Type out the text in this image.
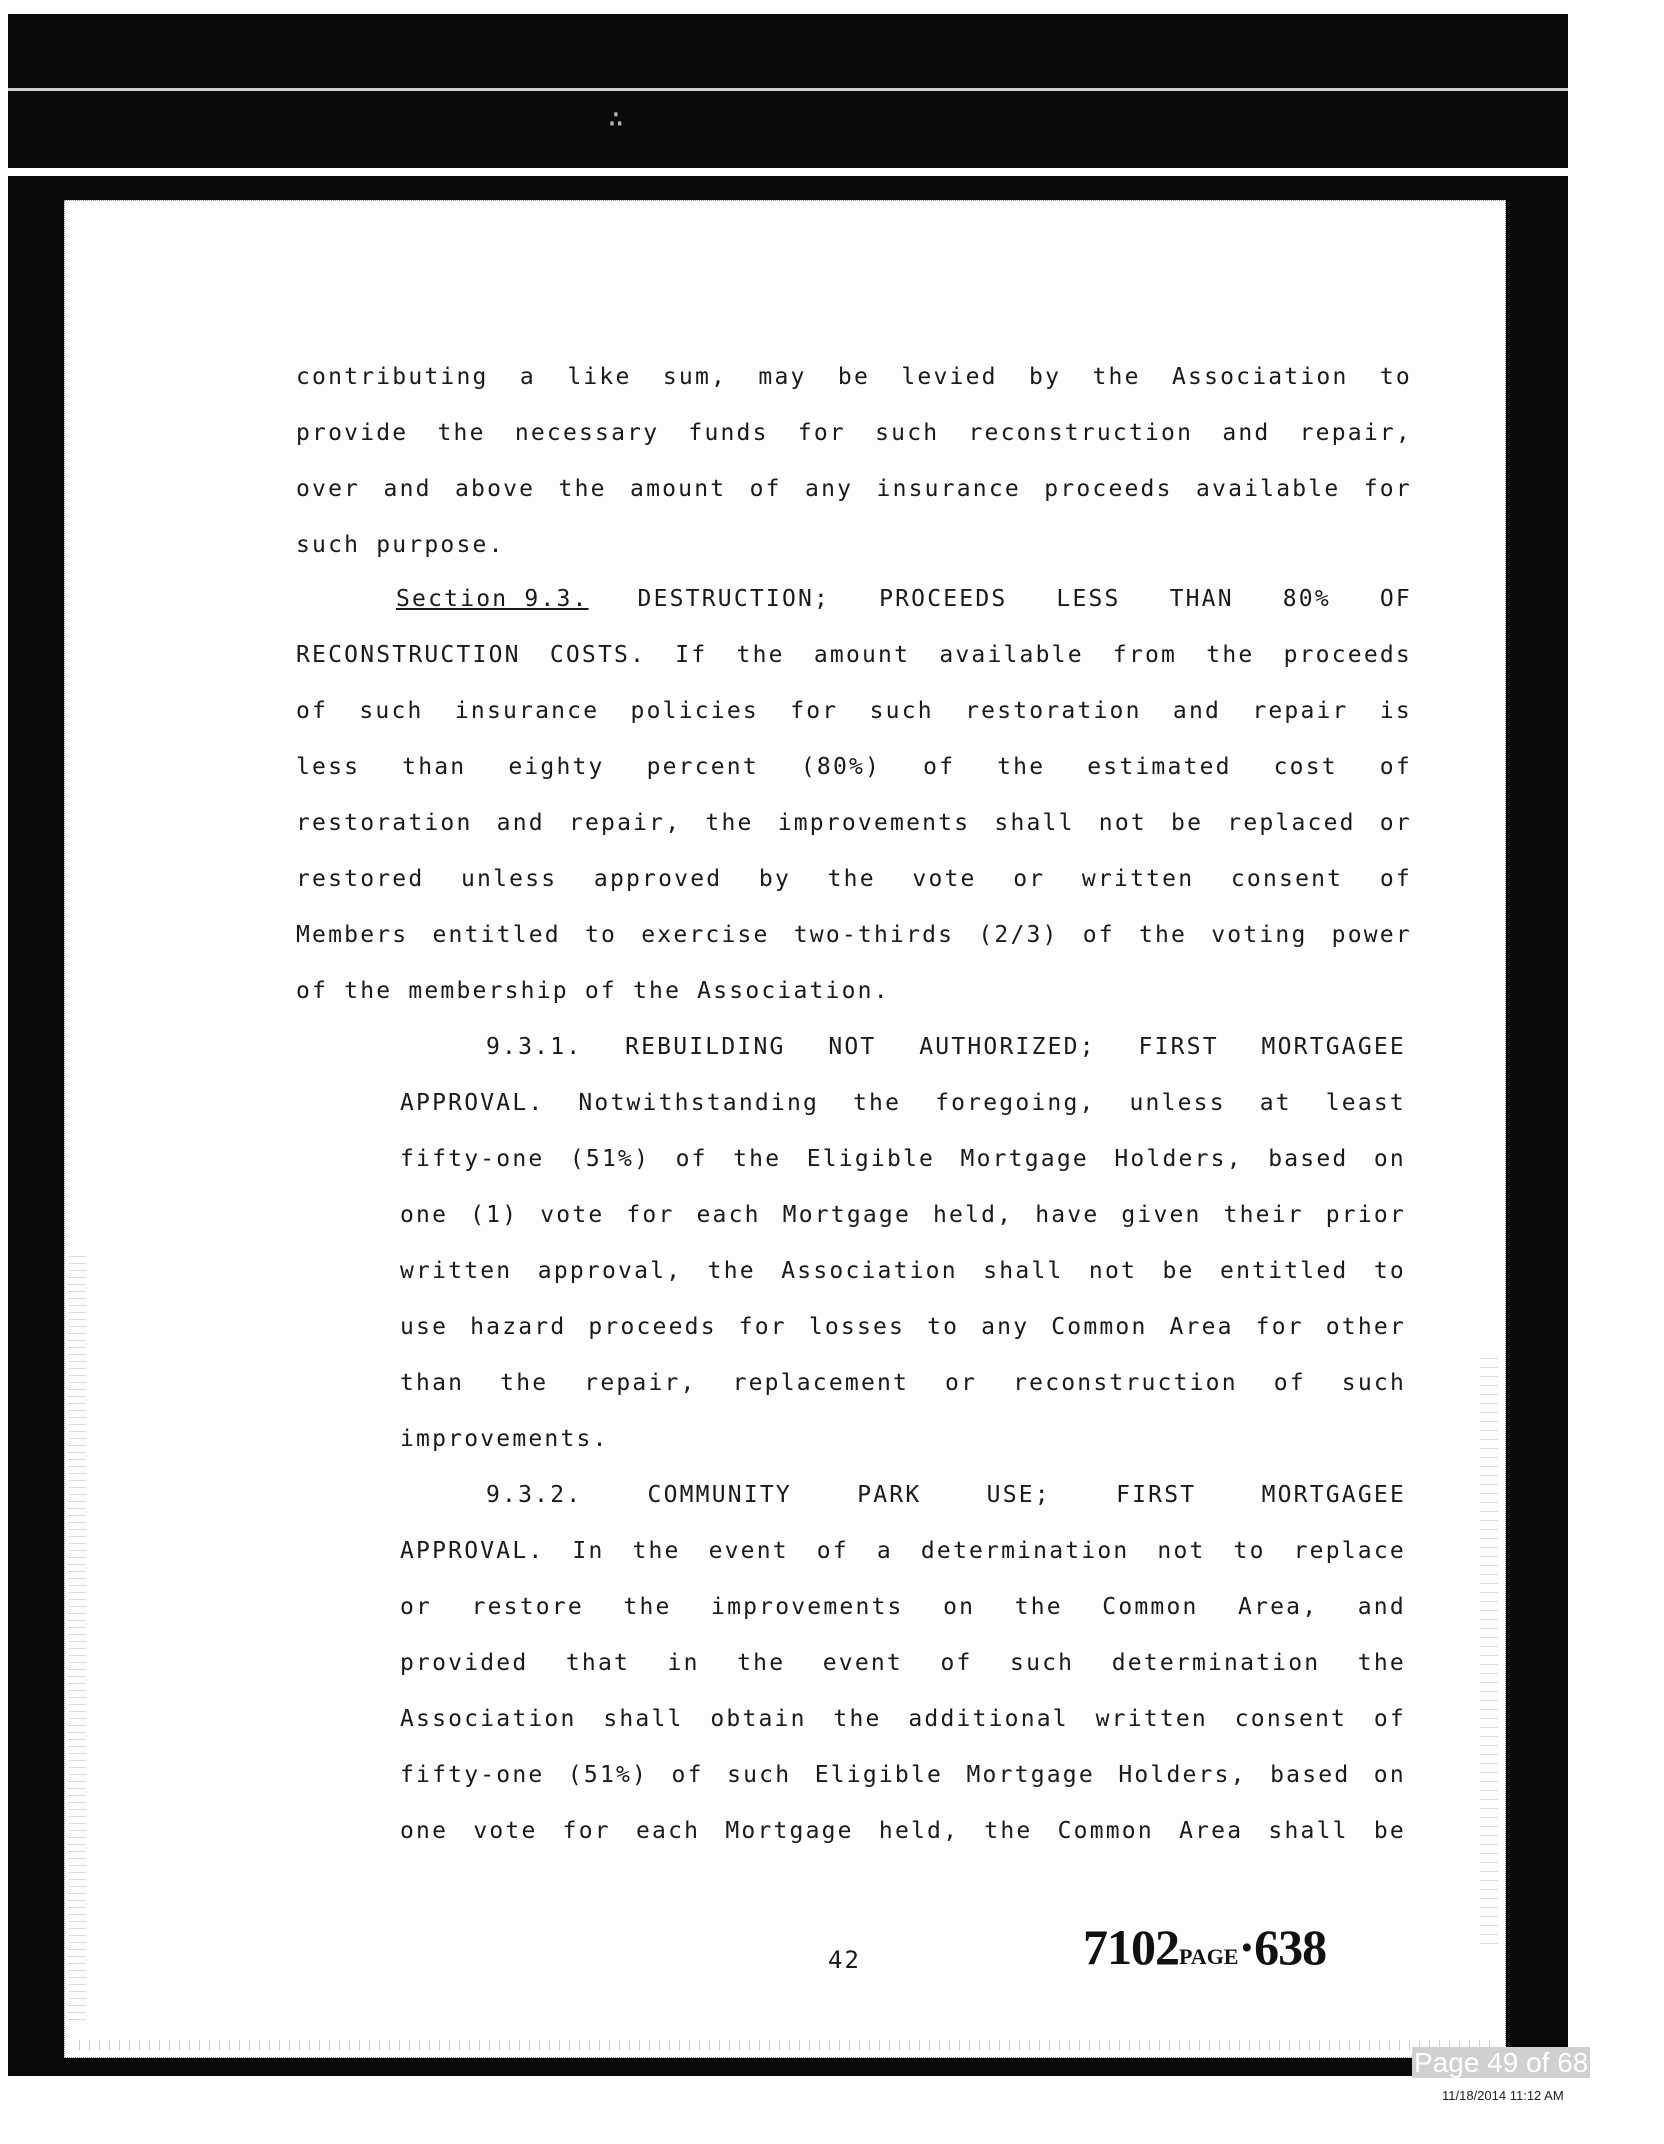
∴
contributing a like sum, may be levied by the Association to
provide the necessary funds for such reconstruction and repair,
over and above the amount of any insurance proceeds available for
such purpose.
Section 9.3. DESTRUCTION; PROCEEDS LESS THAN 80% OF
RECONSTRUCTION COSTS. If the amount available from the proceeds
of such insurance policies for such restoration and repair is
less than eighty percent (80%) of the estimated cost of
restoration and repair, the improvements shall not be replaced or
restored unless approved by the vote or written consent of
Members entitled to exercise two-thirds (2/3) of the voting power
of the membership of the Association.
9.3.1. REBUILDING NOT AUTHORIZED; FIRST MORTGAGEE
APPROVAL. Notwithstanding the foregoing, unless at least
fifty-one (51%) of the Eligible Mortgage Holders, based on
one (1) vote for each Mortgage held, have given their prior
written approval, the Association shall not be entitled to
use hazard proceeds for losses to any Common Area for other
than the repair, replacement or reconstruction of such
improvements.
9.3.2.	COMMUNITY	PARK	USE;	FIRST	MORTGAGEE
APPROVAL. In the event of a determination not to replace
or restore the improvements on the Common Area, and
provided that in the event of such determination the
Association shall obtain the additional written consent of
fifty-one (51%) of such Eligible Mortgage Holders, based on
one vote for each Mortgage held, the Common Area shall be
42	7102PAGE·638
Page 49 of 68
11/18/2014 11:12 AM
